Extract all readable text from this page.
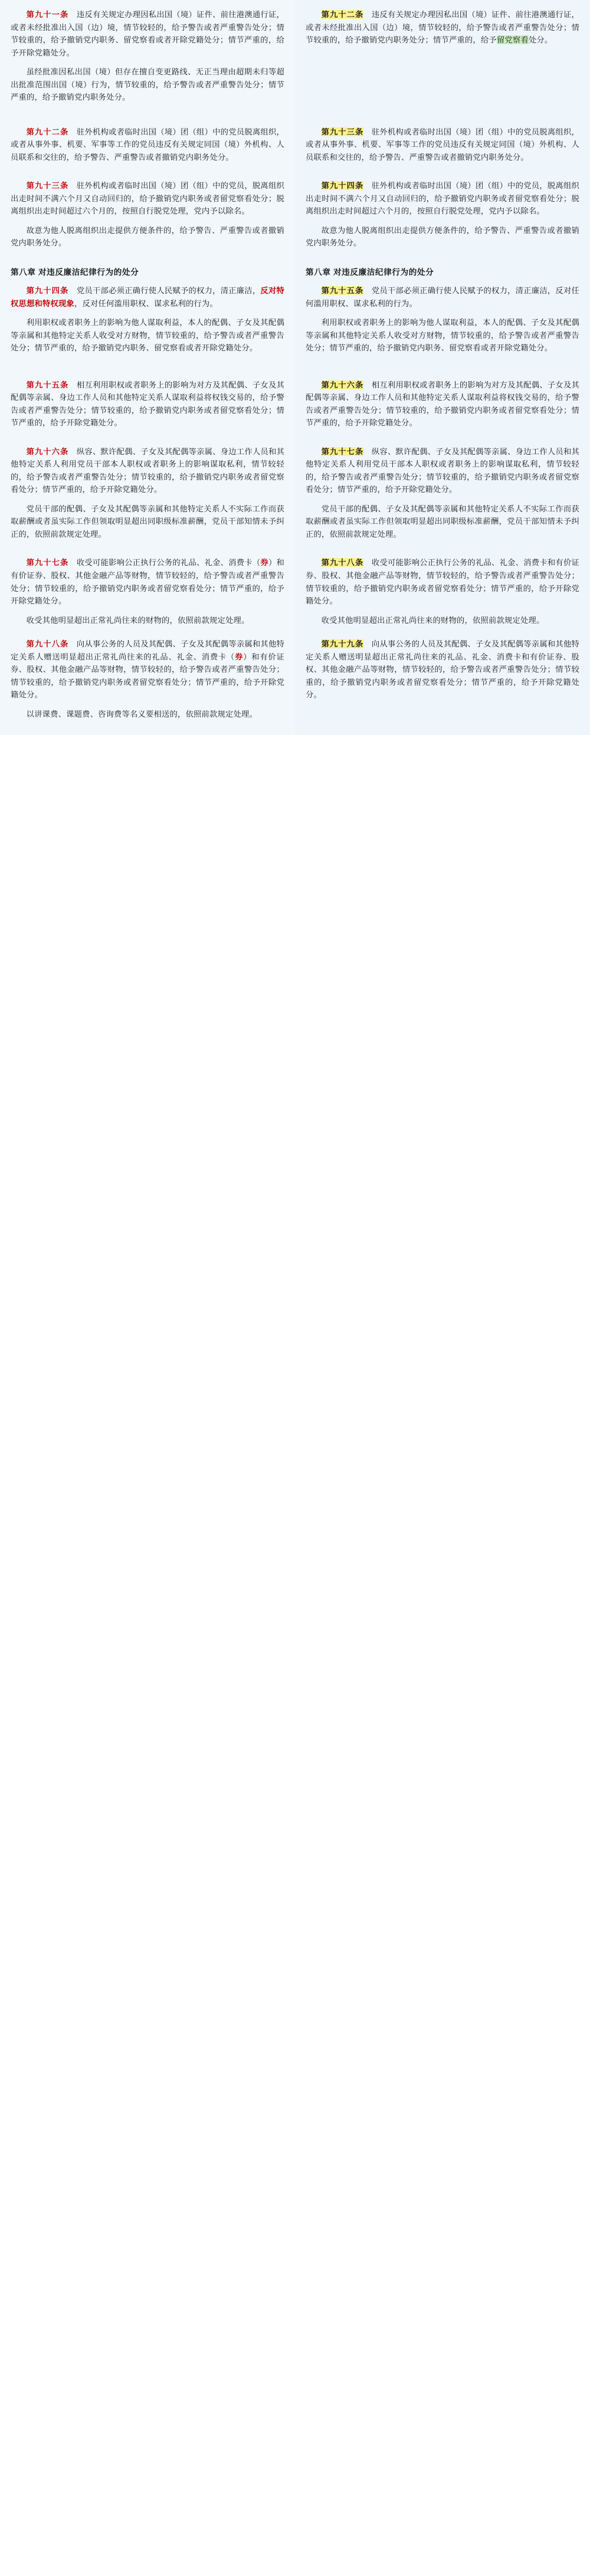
第九十一条　违反有关规定办理因私出国（境）证件、前往港澳通行证，或者未经批准出入国（边）境，情节较轻的，给予警告或者严重警告处分；情节较重的，给予撤销党内职务、留党察看或者开除党籍处分；情节严重的，给予开除党籍处分。

虽经批准因私出国（境）但存在擅自变更路线、无正当理由超期未归等超出批准范围出国（境）行为，情节较重的，给予警告或者严重警告处分；情节严重的，给予撤销党内职务处分。

第九十二条　违反有关规定办理因私出国（境）证件、前往港澳通行证，或者未经批准出入国（边）境，情节较轻的，给予警告或者严重警告处分；情节较重的，给予撤销党内职务处分；情节严重的，给予留党察看处分。

第九十二条　驻外机构或者临时出国（境）团（组）中的党员脱离组织，或者从事外事、机要、军事等工作的党员违反有关规定同国（境）外机构、人员联系和交往的，给予警告、严重警告或者撤销党内职务处分。

第九十三条　驻外机构或者临时出国（境）团（组）中的党员脱离组织，或者从事外事、机要、军事等工作的党员违反有关规定同国（境）外机构、人员联系和交往的，给予警告、严重警告或者撤销党内职务处分。

第九十三条　驻外机构或者临时出国（境）团（组）中的党员，脱离组织出走时间不满六个月又自动回归的，给予撤销党内职务或者留党察看处分；脱离组织出走时间超过六个月的，按照自行脱党处理，党内予以除名。

故意为他人脱离组织出走提供方便条件的，给予警告、严重警告或者撤销党内职务处分。

第九十四条　驻外机构或者临时出国（境）团（组）中的党员，脱离组织出走时间不满六个月又自动回归的，给予撤销党内职务或者留党察看处分；脱离组织出走时间超过六个月的，按照自行脱党处理，党内予以除名。

故意为他人脱离组织出走提供方便条件的，给予警告、严重警告或者撤销党内职务处分。

第八章 对违反廉洁纪律行为的处分

第九十四条　党员干部必须正确行使人民赋予的权力，清正廉洁，反对特权思想和特权现象，反对任何滥用职权、谋求私利的行为。

利用职权或者职务上的影响为他人谋取利益，本人的配偶、子女及其配偶等亲属和其他特定关系人收受对方财物，情节较重的，给予警告或者严重警告处分；情节严重的，给予撤销党内职务、留党察看或者开除党籍处分。

第八章 对违反廉洁纪律行为的处分

第九十五条　党员干部必须正确行使人民赋予的权力，清正廉洁，反对任何滥用职权、谋求私利的行为。

利用职权或者职务上的影响为他人谋取利益，本人的配偶、子女及其配偶等亲属和其他特定关系人收受对方财物，情节较重的，给予警告或者严重警告处分；情节严重的，给予撤销党内职务、留党察看或者开除党籍处分。

第九十五条　相互利用职权或者职务上的影响为对方及其配偶、子女及其配偶等亲属、身边工作人员和其他特定关系人谋取利益将权钱交易的，给予警告或者严重警告处分；情节较重的，给予撤销党内职务或者留党察看处分；情节严重的，给予开除党籍处分。

第九十六条　相互利用职权或者职务上的影响为对方及其配偶、子女及其配偶等亲属、身边工作人员和其他特定关系人谋取利益将权钱交易的，给予警告或者严重警告处分；情节较重的，给予撤销党内职务或者留党察看处分；情节严重的，给予开除党籍处分。

第九十六条　纵容、默许配偶、子女及其配偶等亲属、身边工作人员和其他特定关系人利用党员干部本人职权或者职务上的影响谋取私利，情节较轻的，给予警告或者严重警告处分；情节较重的，给予撤销党内职务或者留党察看处分；情节严重的，给予开除党籍处分。

党员干部的配偶、子女及其配偶等亲属和其他特定关系人不实际工作而获取薪酬或者虽实际工作但领取明显超出同职级标准薪酬，党员干部知情未予纠正的，依照前款规定处理。

第九十七条　纵容、默许配偶、子女及其配偶等亲属、身边工作人员和其他特定关系人利用党员干部本人职权或者职务上的影响谋取私利，情节较轻的，给予警告或者严重警告处分；情节较重的，给予撤销党内职务或者留党察看处分；情节严重的，给予开除党籍处分。

党员干部的配偶、子女及其配偶等亲属和其他特定关系人不实际工作而获取薪酬或者虽实际工作但领取明显超出同职级标准薪酬，党员干部知情未予纠正的，依照前款规定处理。

第九十七条　收受可能影响公正执行公务的礼品、礼金、消费卡（券）和有价证券、股权、其他金融产品等财物，情节较轻的，给予警告或者严重警告处分；情节较重的，给予撤销党内职务或者留党察看处分；情节严重的，给予开除党籍处分。

收受其他明显超出正常礼尚往来的财物的，依照前款规定处理。

第九十八条　收受可能影响公正执行公务的礼品、礼金、消费卡和有价证券、股权、其他金融产品等财物，情节较轻的，给予警告或者严重警告处分；情节较重的，给予撤销党内职务或者留党察看处分；情节严重的，给予开除党籍处分。

收受其他明显超出正常礼尚往来的财物的，依照前款规定处理。

第九十八条　向从事公务的人员及其配偶、子女及其配偶等亲属和其他特定关系人赠送明显超出正常礼尚往来的礼品、礼金、消费卡（券）和有价证券、股权、其他金融产品等财物，情节较轻的，给予警告或者严重警告处分；情节较重的，给予撤销党内职务或者留党察看处分；情节严重的，给予开除党籍处分。

以讲课费、课题费、咨询费等名义要相送的，依照前款规定处理。

第九十九条　向从事公务的人员及其配偶、子女及其配偶等亲属和其他特定关系人赠送明显超出正常礼尚往来的礼品、礼金、消费卡和有价证券、股权、其他金融产品等财物，情节较轻的，给予警告或者严重警告处分；情节较重的，给予撤销党内职务或者留党察看处分；情节严重的，给予开除党籍处分。
